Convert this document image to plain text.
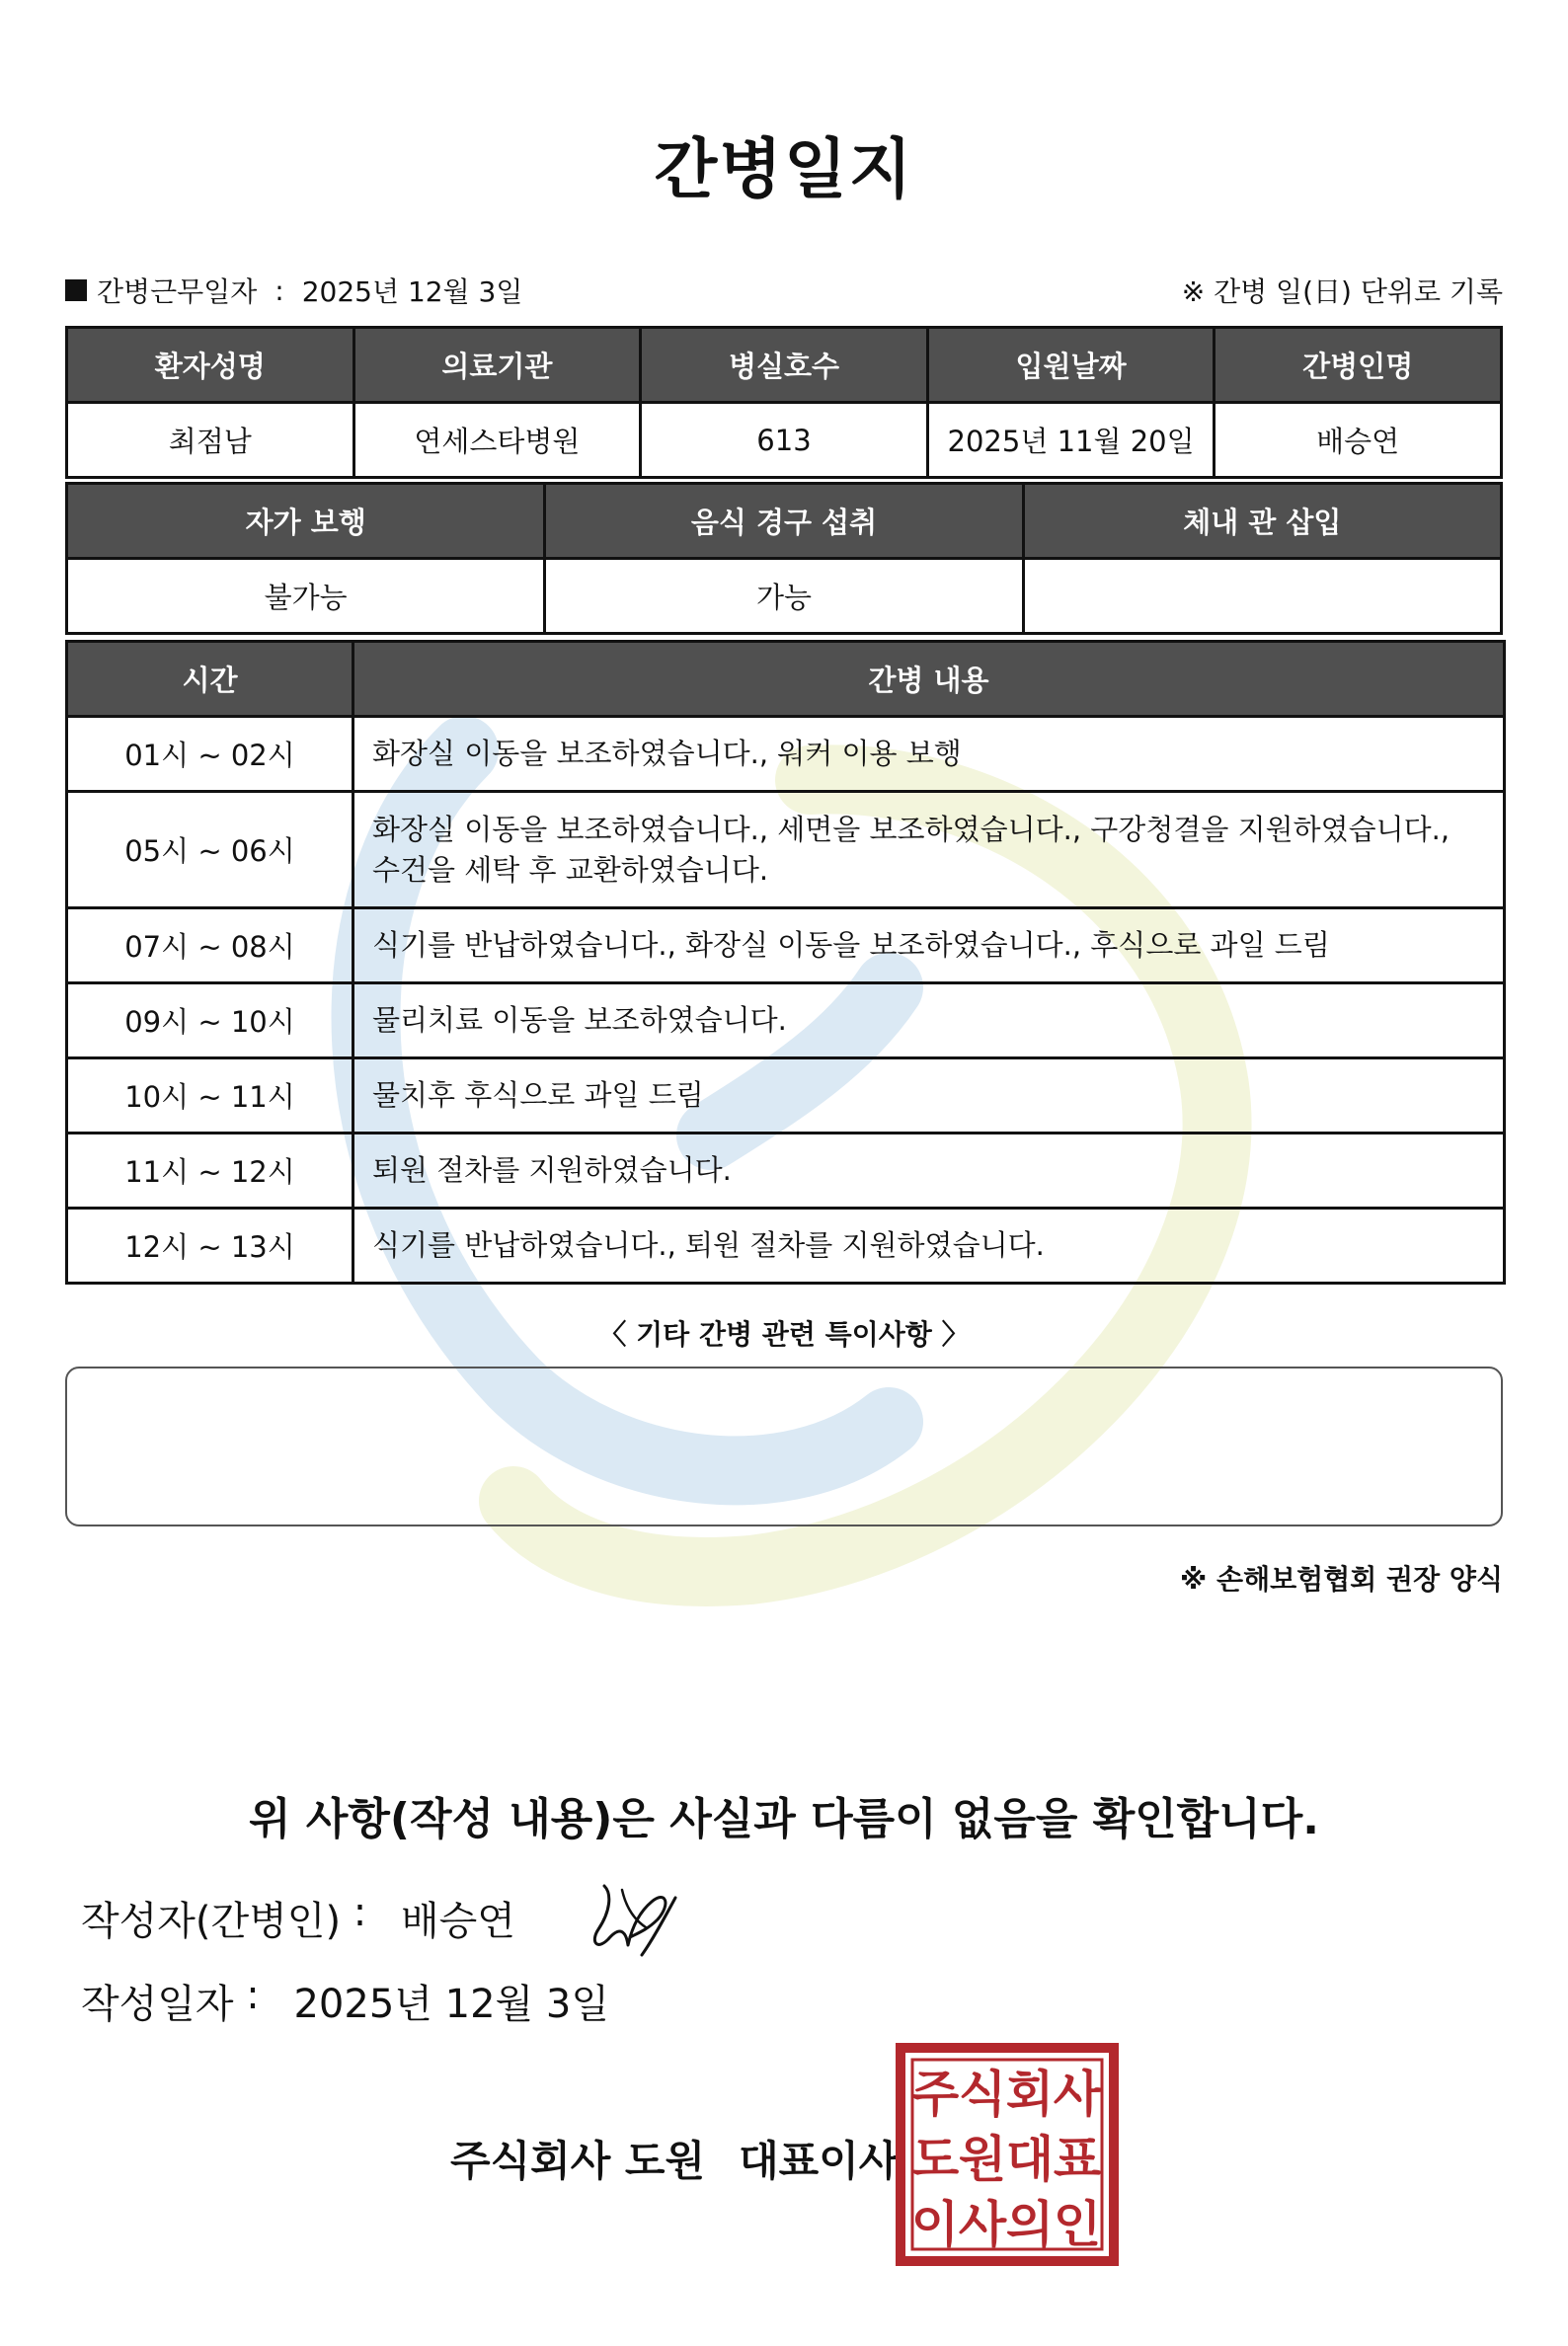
간병일지
간병근무일자 : 2025년 12월 3일	※ 간병 일(日) 단위로 기록
환자성명	의료기관	병실호수	입원날짜	간병인명
최점남	연세스타병원	613	2025년 11월 20일	배승연
자가 보행	음식 경구 섭취	체내 관 삽입
불가능	가능	
시간	간병 내용
01시 ~ 02시	화장실 이동을 보조하였습니다., 워커 이용 보행
05시 ~ 06시	화장실 이동을 보조하였습니다., 세면을 보조하였습니다., 구강청결을 지원하였습니다., 수건을 세탁 후 교환하였습니다.
07시 ~ 08시	식기를 반납하였습니다., 화장실 이동을 보조하였습니다., 후식으로 과일 드림
09시 ~ 10시	물리치료 이동을 보조하였습니다.
10시 ~ 11시	물치후 후식으로 과일 드림
11시 ~ 12시	퇴원 절차를 지원하였습니다.
12시 ~ 13시	식기를 반납하였습니다., 퇴원 절차를 지원하였습니다.
〈 기타 간병 관련 특이사항 〉
※ 손해보험협회 권장 양식
위 사항(작성 내용)은 사실과 다름이 없음을 확인합니다.
작성자(간병인) : 배승연
작성일자 : 2025년 12월 3일
주식회사 도원 대표이사
주 식 회 사
도 원 대 표
이 사 의 인
